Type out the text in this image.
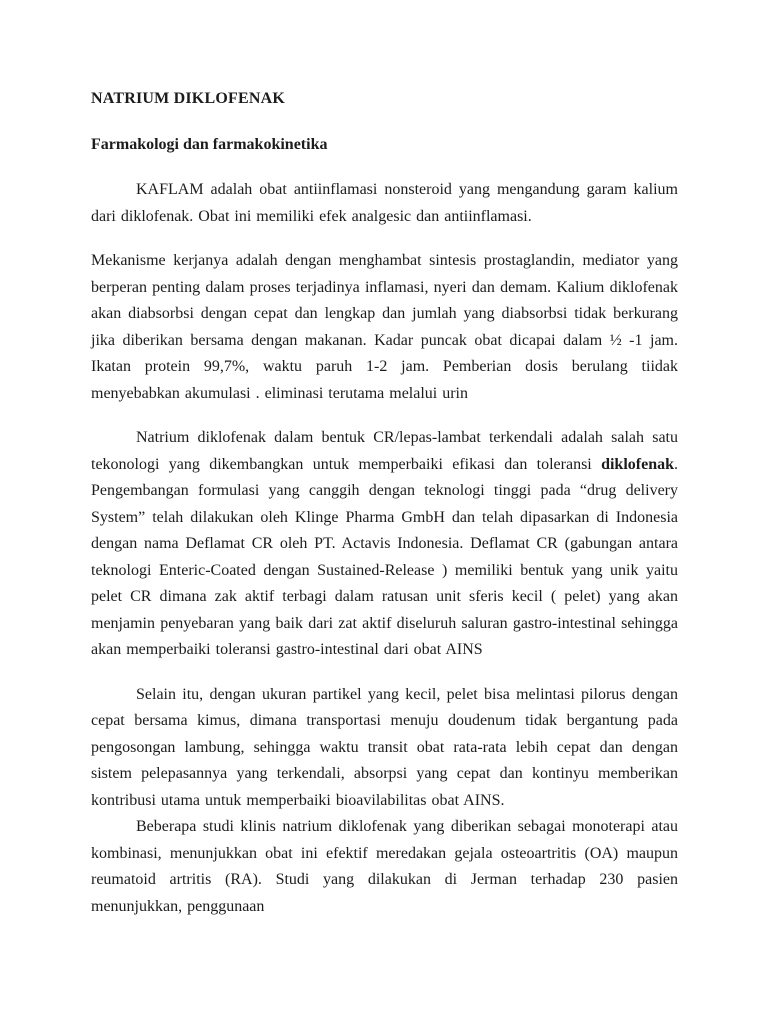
NATRIUM DIKLOFENAK
Farmakologi dan farmakokinetika

KAFLAM adalah obat antiinflamasi nonsteroid yang mengandung garam kalium dari diklofenak. Obat ini memiliki efek analgesic dan antiinflamasi.

Mekanisme kerjanya adalah dengan menghambat sintesis prostaglandin, mediator yang berperan penting dalam proses terjadinya inflamasi, nyeri dan demam. Kalium diklofenak akan diabsorbsi dengan cepat dan lengkap dan jumlah yang diabsorbsi tidak berkurang jika diberikan bersama dengan makanan. Kadar puncak obat dicapai dalam ½ -1 jam. Ikatan protein 99,7%, waktu paruh 1-2 jam. Pemberian dosis berulang tiidak menyebabkan akumulasi . eliminasi terutama melalui urin

Natrium diklofenak dalam bentuk CR/lepas-lambat terkendali adalah salah satu tekonologi yang dikembangkan untuk memperbaiki efikasi dan toleransi diklofenak. Pengembangan formulasi yang canggih dengan teknologi tinggi pada “drug delivery System” telah dilakukan oleh Klinge Pharma GmbH dan telah dipasarkan di Indonesia dengan nama Deflamat CR oleh PT. Actavis Indonesia. Deflamat CR (gabungan antara teknologi Enteric-Coated dengan Sustained-Release ) memiliki bentuk yang unik yaitu pelet CR dimana zak aktif terbagi dalam ratusan unit sferis kecil ( pelet) yang akan menjamin penyebaran yang baik dari zat aktif diseluruh saluran gastro-intestinal sehingga akan memperbaiki toleransi gastro-intestinal dari obat AINS

Selain itu, dengan ukuran partikel yang kecil, pelet bisa melintasi pilorus dengan cepat bersama kimus, dimana transportasi menuju doudenum tidak bergantung pada pengosongan lambung, sehingga waktu transit obat rata-rata lebih cepat dan dengan sistem pelepasannya yang terkendali, absorpsi yang cepat dan kontinyu memberikan kontribusi utama untuk memperbaiki bioavilabilitas obat AINS.

Beberapa studi klinis natrium diklofenak yang diberikan sebagai monoterapi atau kombinasi, menunjukkan obat ini efektif meredakan gejala osteoartritis (OA) maupun reumatoid artritis (RA). Studi yang dilakukan di Jerman terhadap 230 pasien menunjukkan, penggunaan
